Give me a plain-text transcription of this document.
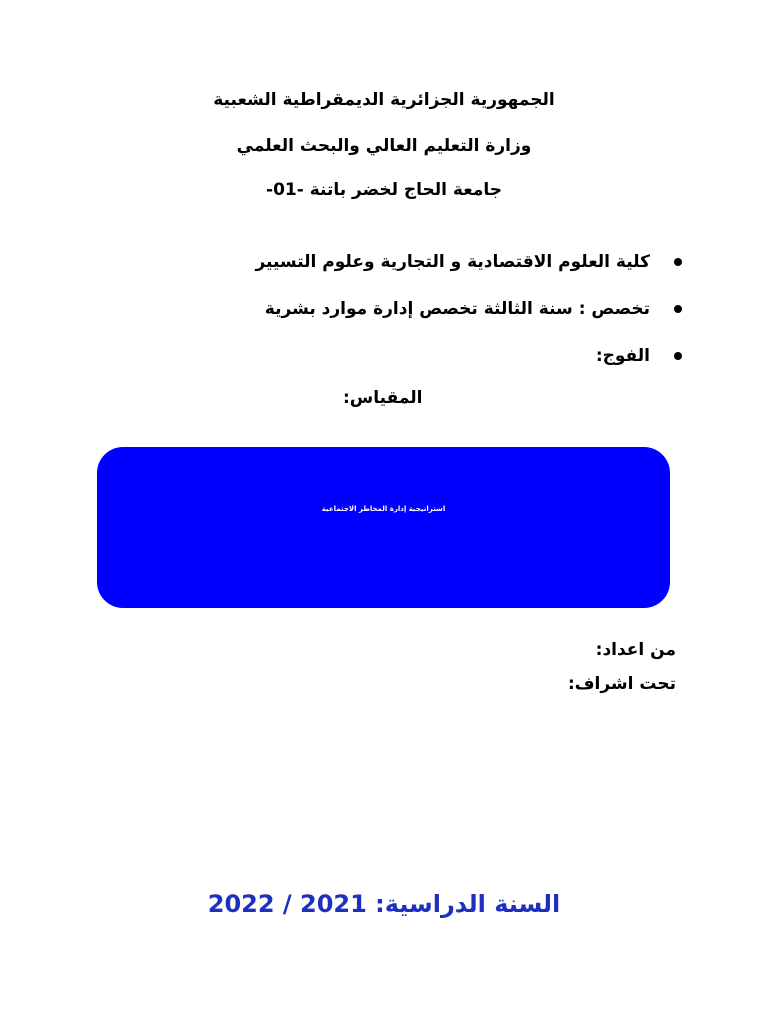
الجمهورية الجزائرية الديمقراطية الشعبية
وزارة التعليم العالي والبحث العلمي
جامعة الحاج لخضر باتنة -01-
كلية العلوم الاقتصادية و التجارية وعلوم التسيير
تخصص : سنة الثالثة تخصص إدارة موارد بشرية
الفوج:
المقياس:
استراتيجية إدارة المخاطر الاجتماعية
من اعداد:
تحت اشراف:
السنة الدراسية: 2021 / 2022
